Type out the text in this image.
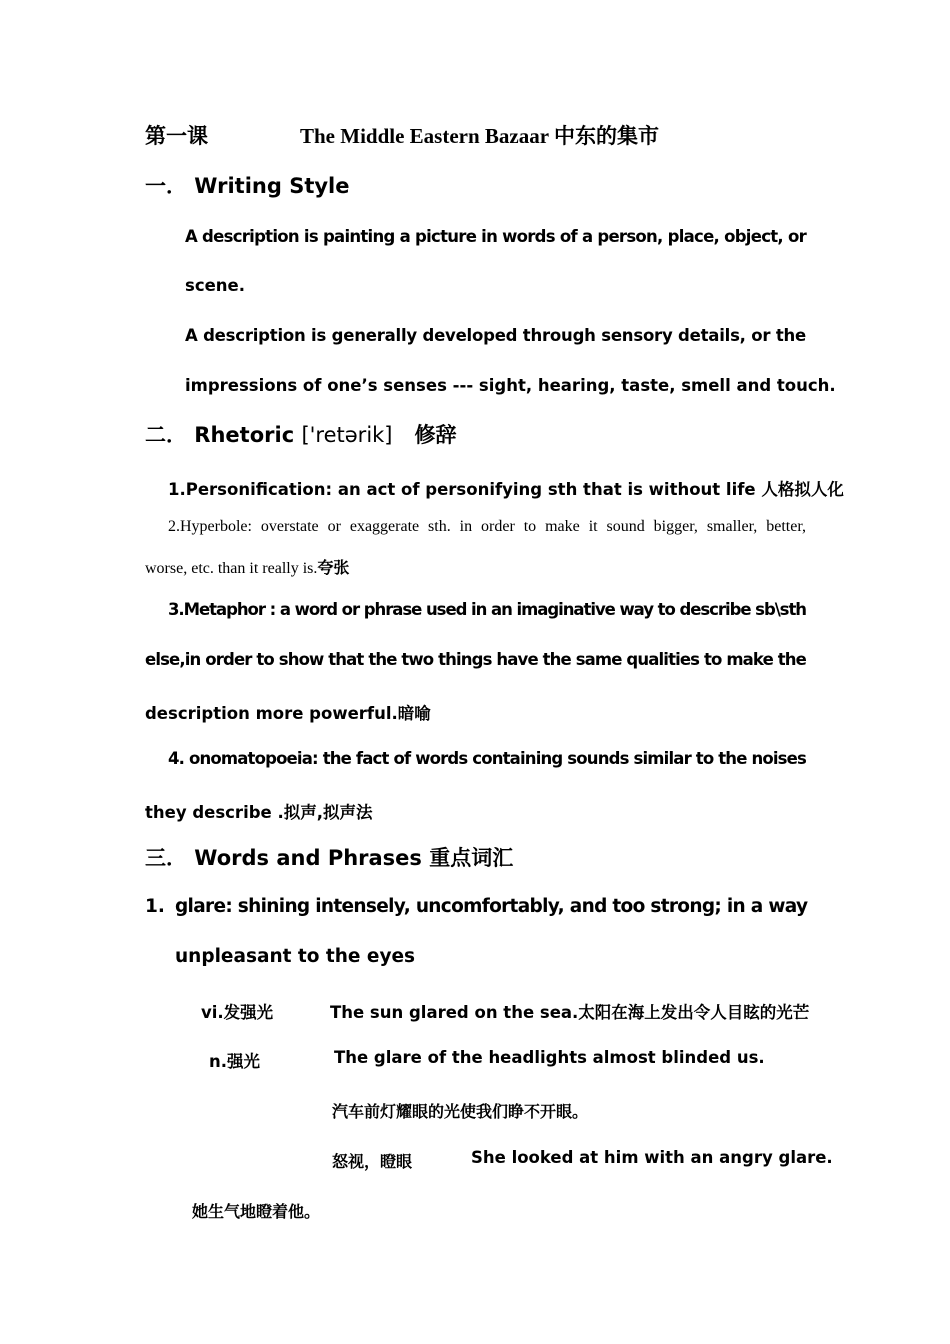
第一课	The Middle Eastern Bazaar 中东的集市
一． Writing Style
A description is painting a picture in words of a person, place, object, or
scene.
A description is generally developed through sensory details, or the
impressions of one’s senses --- sight, hearing, taste, smell and touch.
二． Rhetoric ['retərik] 修辞
1.Personification: an act of personifying sth that is without life 人格拟人化
2.Hyperbole: overstate or exaggerate sth. in order to make it sound bigger, smaller, better,
worse, etc. than it really is.夸张
3.Metaphor : a word or phrase used in an imaginative way to describe sb\sth
else,in order to show that the two things have the same qualities to make the
description more powerful.暗喻
4. onomatopoeia: the fact of words containing sounds similar to the noises
they describe .拟声,拟声法
三． Words and Phrases 重点词汇
1. glare: shining intensely, uncomfortably, and too strong; in a way
unpleasant to the eyes
vi.发强光	The sun glared on the sea.太阳在海上发出令人目眩的光芒
n.强光	The glare of the headlights almost blinded us.
汽车前灯耀眼的光使我们睁不开眼。
怒视，瞪眼	She looked at him with an angry glare.
她生气地瞪着他。
